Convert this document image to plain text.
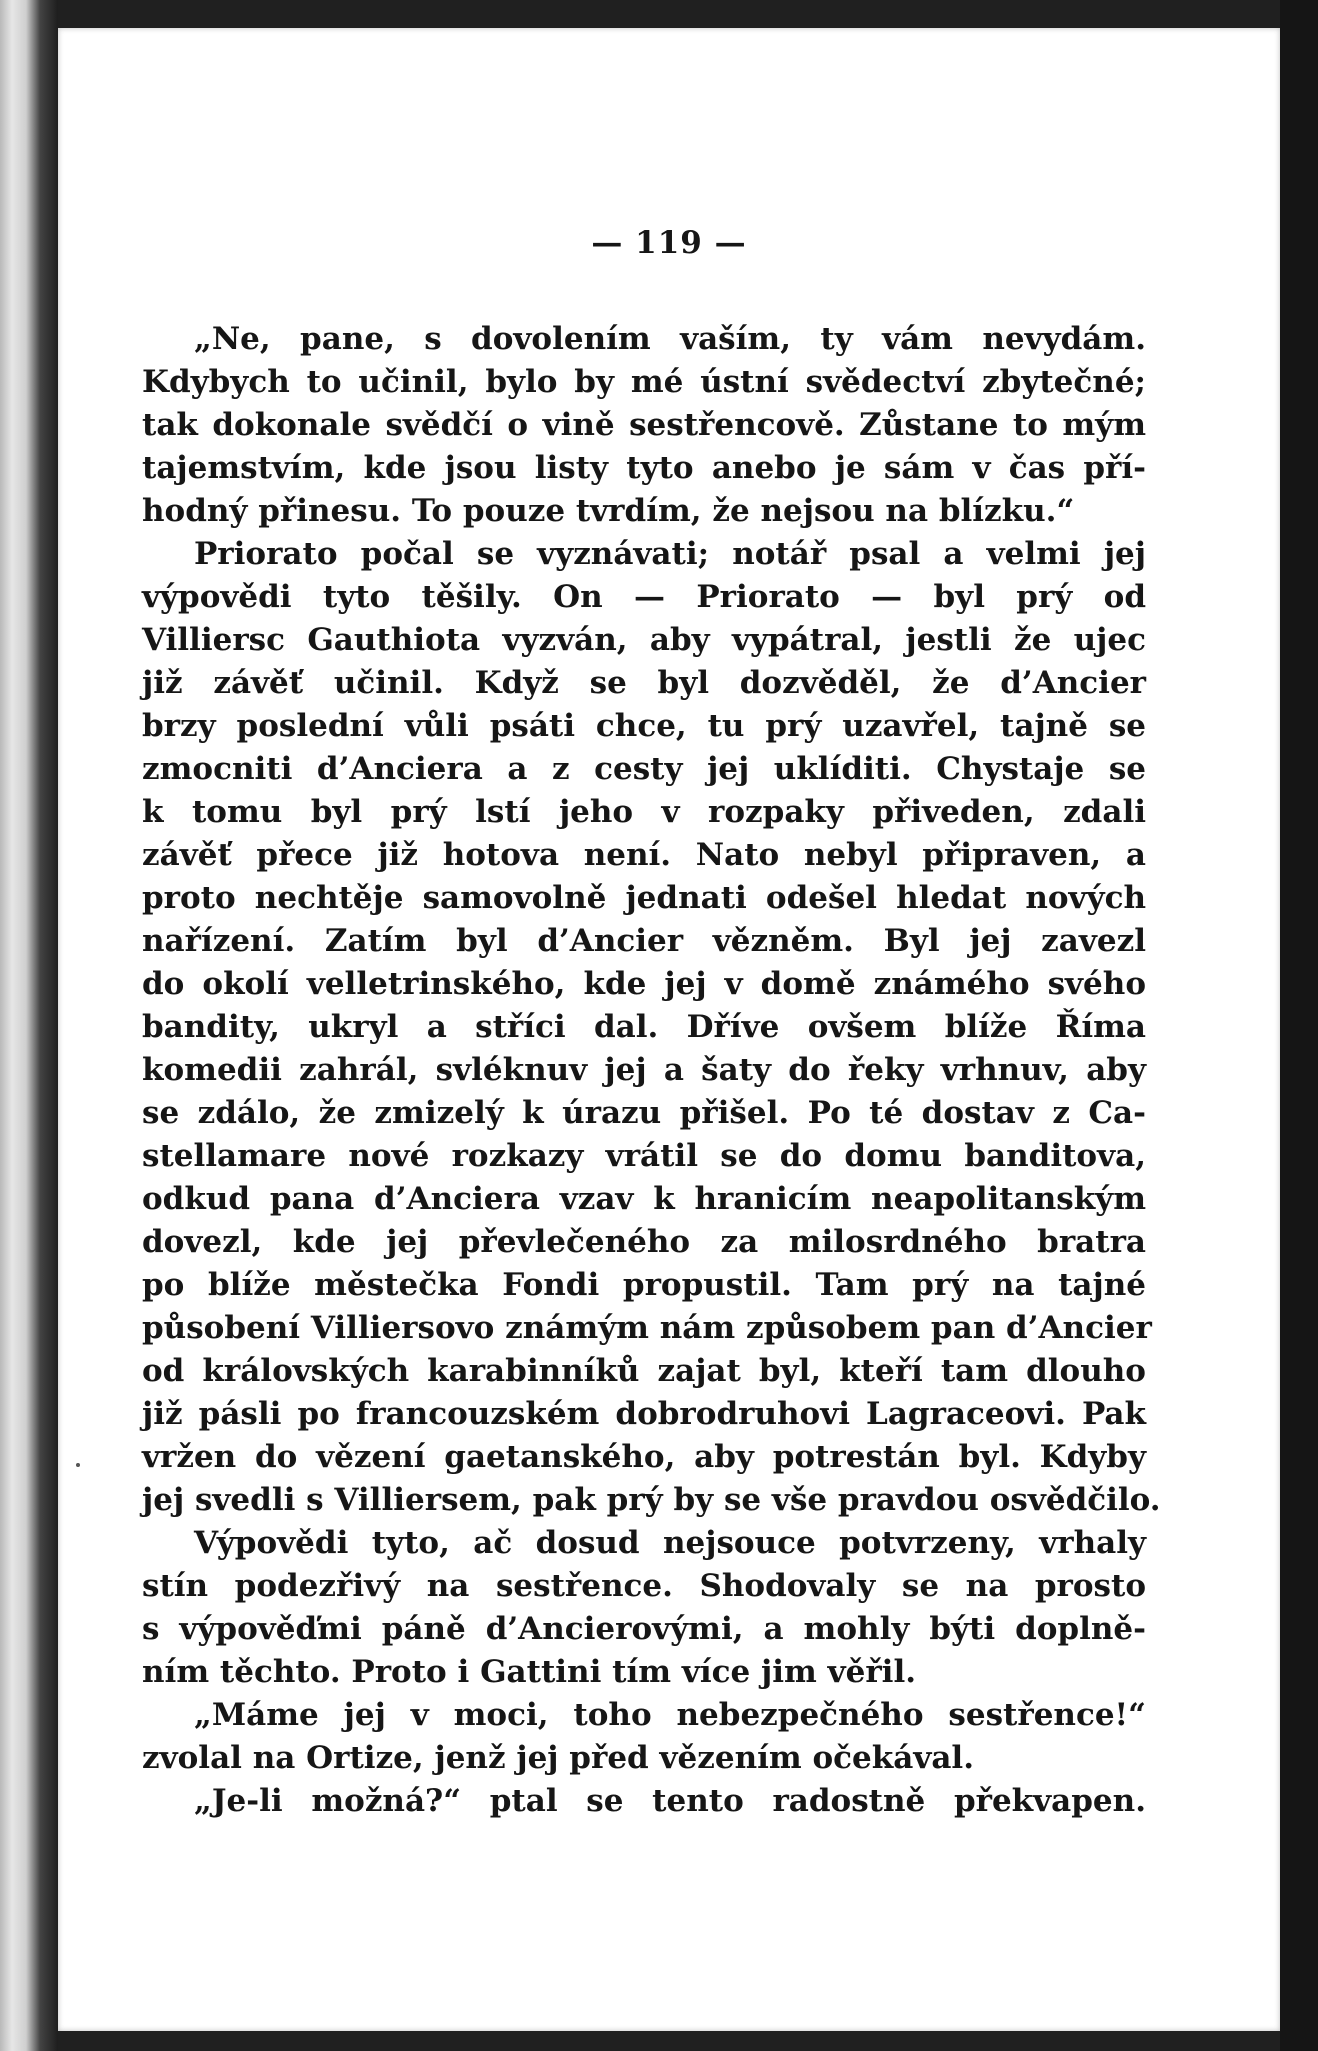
— 119 —
„Ne, pane, s dovolením vaším, ty vám nevydám.
Kdybych to učinil, bylo by mé ústní svědectví zbytečné;
tak dokonale svědčí o vině sestřencově. Zůstane to mým
tajemstvím, kde jsou listy tyto anebo je sám v čas pří-
hodný přinesu. To pouze tvrdím, že nejsou na blízku.“
Priorato počal se vyznávati; notář psal a velmi jej
výpovědi tyto těšily. On — Priorato — byl prý od
Villiersc Gauthiota vyzván, aby vypátral, jestli že ujec
již závěť učinil. Když se byl dozvěděl, že d’Ancier
brzy poslední vůli psáti chce, tu prý uzavřel, tajně se
zmocniti d’Anciera a z cesty jej uklíditi. Chystaje se
k tomu byl prý lstí jeho v rozpaky přiveden, zdali
závěť přece již hotova není. Nato nebyl připraven, a
proto nechtěje samovolně jednati odešel hledat nových
nařízení. Zatím byl d’Ancier vězněm. Byl jej zavezl
do okolí velletrinského, kde jej v domě známého svého
bandity, ukryl a stříci dal. Dříve ovšem blíže Říma
komedii zahrál, svléknuv jej a šaty do řeky vrhnuv, aby
se zdálo, že zmizelý k úrazu přišel. Po té dostav z Ca-
stellamare nové rozkazy vrátil se do domu banditova,
odkud pana d’Anciera vzav k hranicím neapolitanským
dovezl, kde jej převlečeného za milosrdného bratra
po blíže městečka Fondi propustil. Tam prý na tajné
působení Villiersovo známým nám způsobem pan d’Ancier
od královských karabinníků zajat byl, kteří tam dlouho
již pásli po francouzském dobrodruhovi Lagraceovi. Pak
vržen do vězení gaetanského, aby potrestán byl. Kdyby
jej svedli s Villiersem, pak prý by se vše pravdou osvědčilo.
Výpovědi tyto, ač dosud nejsouce potvrzeny, vrhaly
stín podezřivý na sestřence. Shodovaly se na prosto
s výpověďmi páně d’Ancierovými, a mohly býti doplně-
ním těchto. Proto i Gattini tím více jim věřil.
„Máme jej v moci, toho nebezpečného sestřence!“
zvolal na Ortize, jenž jej před vězením očekával.
„Je-li možná?“ ptal se tento radostně překvapen.
